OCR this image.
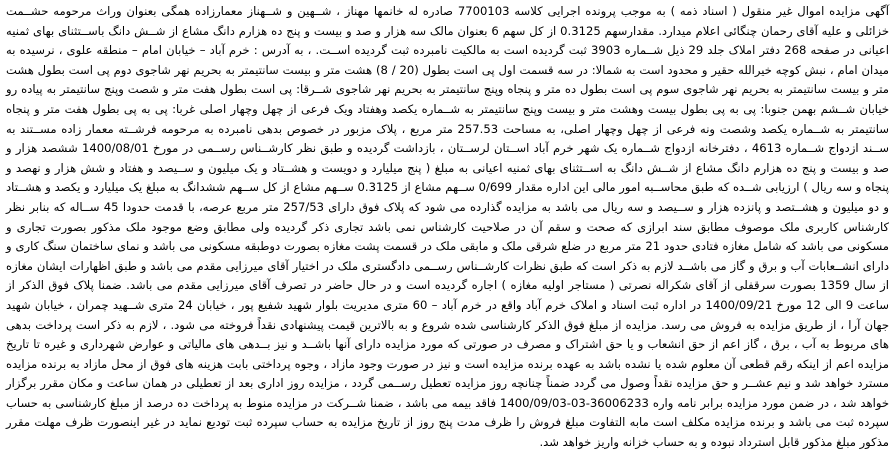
آگهی مزایده اموال غیر منقول ( اسناد ذمه ) به موجب پرونده اجرایی کلاسه 7700103 صادره له خانمها مهناز ، شــهین و شــهناز معمارزاده همگی بعنوان وراث مرحومه حشــمت خزائلی و علیه آقای رحمان چنگائی اعلام میدارد. مقدارسهم 0.3125 از کل سهم 6 بعنوان مالک سه هزار و صد و بیست و پنج ده هزارم دانگ مشاع از شــش دانگ باســتثنای بهای ثمنیه اعیانی در صفحه 268 دفتر املاک جلد 29 ذیل شــماره 3903 ثبت گردیده است به مالکیت نامبرده ثبت گردیده اســت. ، به آدرس : خرم آباد – خیابان امام – منطقه علوی ، نرسیده به میدان امام ، نبش کوچه خیرالله حقیر و محدود است به شمالا: در سه قسمت اول پی است بطول (20 / 8) هشت متر و بیست سانتیمتر به بحریم نهر شاجوی دوم پی است بطول هشت متر و بیست سانتیمتر به بحریم نهر شاجوی سوم پی است بطول ده متر و پنجاه وپنج سانتیمتر به بحریم نهر شاجوی شــرقا: پی است بطول هفت متر و شصت وپنج سانتیمتر به پیاده رو خیابان شــشم بهمن جنوبا: پی به پی بطول بیست وهشت متر و بیست وپنج سانتیمتر به شــماره یکصد وهفتاد ویک فرعی از چهل وچهار اصلی غربا: پی به پی بطول هفت متر و پنجاه سانتیمتر به شــماره یکصد وشصت ونه فرعی از چهل وچهار اصلی، به مساحت 257.53 متر مربع ، پلاک مزبور در خصوص بدهی نامبرده به مرحومه فرشــته معمار زاده مســتند به ســند ازدواج شــماره 4613 ، دفترخانه ازدواج شــماره یک شهر خرم آباد اســتان لرســتان ، بازداشت گردیده و طبق نظر کارشــناس رســمی در مورخ 1400/08/01 ششصد هزار و صد و بیست و پنج ده هزارم دانگ مشاع از شــش دانگ به اســتثنای بهای ثمنیه اعیانی به مبلغ ( پنج میلیارد و دویست و هشــتاد و یک میلیون و ســیصد و هفتاد و شش هزار و نهصد و پنجاه و سه ریال ) ارزیابی شــده که طبق محاســبه امور مالی این اداره مقدار 0/699 ســهم مشاع از 0.3125 ســهم مشاع از کل ســهم ششدانگ به مبلغ یک میلیارد و یکصد و هشــتاد و دو میلیون و هشــتصد و پانزده هزار و ســیصد و سه ریال می باشد به مزایده گذارده می شود که پلاک فوق دارای 257/53 متر مربع عرصه، با قدمت حدودا 45 ســاله که بنابر نظر کارشناس کاربری ملک موصوف مطابق سند ابرازی که صحت و سقم آن در صلاحیت کارشناس نمی باشد تجاری ذکر گردیده ولی مطابق وضع موجود ملک مذکور بصورت تجاری و مسکونی می باشد که شامل مغازه فتادی حدود 21 متر مربع در ضلع شرقی ملک و مابقی ملک در قسمت پشت مغازه بصورت دوطبقه مسکونی می باشد و نمای ساختمان سنگ کاری و دارای انشــعابات آب و برق و گاز می باشــد لازم به ذکر است که طبق نظرات کارشــناس رســمی دادگستری ملک در اختیار آقای میرزایی مقدم می باشد و طبق اظهارات ایشان مغازه از سال 1359 بصورت سرقفلی از آقای شکراله نصرتی ( مستاجر اولیه مغازه ) اجاره گردیده است و در حال حاضر در تصرف آقای میرزایی مقدم می باشد. ضمنا پلاک فوق الذکر از ساعت 9 الی 12 مورخ 1400/09/21 در اداره ثبت اسناد و املاک خرم آباد واقع در خرم آباد – 60 متری مدیریت بلوار شهید شفیع پور ، خیابان 24 متری شــهید چمران ، خیابان شهید جهان آرا ، از طریق مزایده به فروش می رسد. مزایده از مبلغ فوق الذکر کارشناسی شده شروع و به بالاترین قیمت پیشنهادی نقداً فروخته می شود. ، لازم به ذکر است پرداخت بدهی های مربوط به آب ، برق ، گاز اعم از حق انشعاب و یا حق اشتراک و مصرف در صورتی که مورد مزایده دارای آنها باشــد و نیز بــدهی های مالیاتی و عوارض شهرداری و غیره تا تاریخ مزایده اعم از اینکه رقم قطعی آن معلوم شده یا نشده باشد به عهده برنده مزایده است و نیز در صورت وجود مازاد ، وجوه پرداختی بابت هزینه های فوق از محل مازاد به برنده مزایده مسترد خواهد شد و نیم عشــر و حق مزایده نقداً وصول می گردد ضمناً چنانچه روز مزایده تعطیل رســمی گردد ، مزایده روز اداری بعد از تعطیلی در همان ساعت و مکان مقرر برگزار خواهد شد ، در ضمن مورد مزایده برابر نامه واره 36006233-03-1400/09/03 فاقد بیمه می باشد ، ضمنا شــرکت در مزایده منوط به پرداخت ده درصد از مبلغ کارشناسی به حساب سپرده ثبت می باشد و برنده مزایده مکلف است مابه التفاوت مبلغ فروش را ظرف مدت پنج روز از تاریخ مزایده به حساب سپرده ثبت تودیع نماید در غیر اینصورت ظرف مهلت مقرر مذکور مبلغ مذکور قابل استرداد نبوده و به حساب خزانه واریز خواهد شد.
